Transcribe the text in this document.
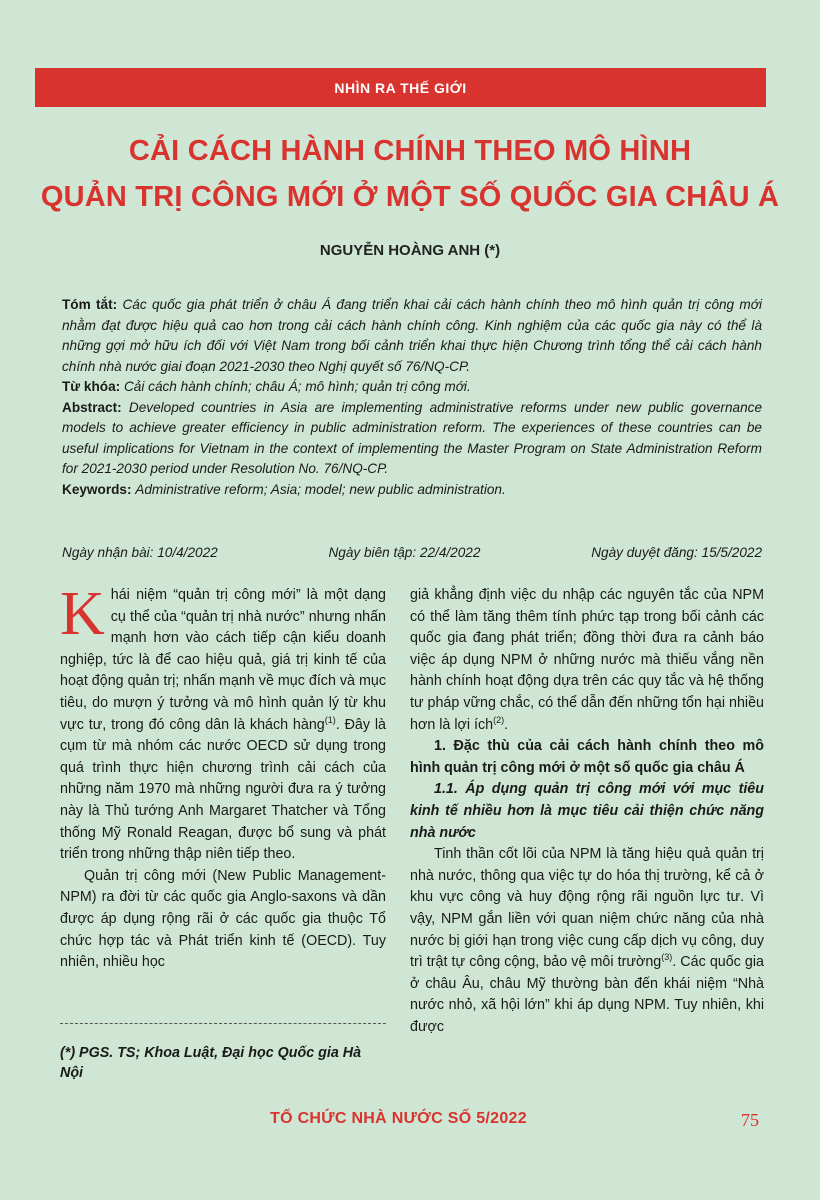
NHÌN RA THẾ GIỚI
CẢI CÁCH HÀNH CHÍNH THEO MÔ HÌNH
QUẢN TRỊ CÔNG MỚI Ở MỘT SỐ QUỐC GIA CHÂU Á
NGUYỄN HOÀNG ANH (*)

Tóm tắt: Các quốc gia phát triển ở châu Á đang triển khai cải cách hành chính theo mô hình quản trị công mới nhằm đạt được hiệu quả cao hơn trong cải cách hành chính công. Kinh nghiệm của các quốc gia này có thể là những gợi mở hữu ích đối với Việt Nam trong bối cảnh triển khai thực hiện Chương trình tổng thể cải cách hành chính nhà nước giai đoạn 2021-2030 theo Nghị quyết số 76/NQ-CP.

Từ khóa: Cải cách hành chính; châu Á; mô hình; quản trị công mới.

Abstract: Developed countries in Asia are implementing administrative reforms under new public governance models to achieve greater efficiency in public administration reform. The experiences of these countries can be useful implications for Vietnam in the context of implementing the Master Program on State Administration Reform for 2021-2030 period under Resolution No. 76/NQ-CP.

Keywords: Administrative reform; Asia; model; new public administration.

Ngày nhận bài: 10/4/2022	Ngày biên tập: 22/4/2022	Ngày duyệt đăng: 15/5/2022

Khái niệm “quản trị công mới” là một dạng cụ thể của “quản trị nhà nước” nhưng nhấn mạnh hơn vào cách tiếp cận kiểu doanh nghiệp, tức là để cao hiệu quả, giá trị kinh tế của hoạt động quản trị; nhấn mạnh về mục đích và mục tiêu, do mượn ý tưởng và mô hình quản lý từ khu vực tư, trong đó công dân là khách hàng$^{(1)}$. Đây là cụm từ mà nhóm các nước OECD sử dụng trong quá trình thực hiện chương trình cải cách của những năm 1970 mà những người đưa ra ý tưởng này là Thủ tướng Anh Margaret Thatcher và Tổng thống Mỹ Ronald Reagan, được bổ sung và phát triển trong những thập niên tiếp theo.

Quản trị công mới (New Public Management-NPM) ra đời từ các quốc gia Anglo-saxons và dần được áp dụng rộng rãi ở các quốc gia thuộc Tổ chức hợp tác và Phát triển kinh tế (OECD). Tuy nhiên, nhiều học

(*) PGS. TS; Khoa Luật, Đại học Quốc gia Hà Nội

giả khẳng định việc du nhập các nguyên tắc của NPM có thể làm tăng thêm tính phức tạp trong bối cảnh các quốc gia đang phát triển; đồng thời đưa ra cảnh báo việc áp dụng NPM ở những nước mà thiếu vắng nền hành chính hoạt động dựa trên các quy tắc và hệ thống tư pháp vững chắc, có thể dẫn đến những tổn hại nhiều hơn là lợi ích$^{(2)}$.

1. Đặc thù của cải cách hành chính theo mô hình quản trị công mới ở một số quốc gia châu Á

1.1. Áp dụng quản trị công mới với mục tiêu kinh tế nhiều hơn là mục tiêu cải thiện chức năng nhà nước

Tinh thần cốt lõi của NPM là tăng hiệu quả quản trị nhà nước, thông qua việc tự do hóa thị trường, kể cả ở khu vực công và huy động rộng rãi nguồn lực tư. Vì vậy, NPM gắn liền với quan niệm chức năng của nhà nước bị giới hạn trong việc cung cấp dịch vụ công, duy trì trật tự công cộng, bảo vệ môi trường$^{(3)}$. Các quốc gia ở châu Âu, châu Mỹ thường bàn đến khái niệm “Nhà nước nhỏ, xã hội lớn” khi áp dụng NPM. Tuy nhiên, khi được

TỔ CHỨC NHÀ NƯỚC SỐ 5/2022	75
